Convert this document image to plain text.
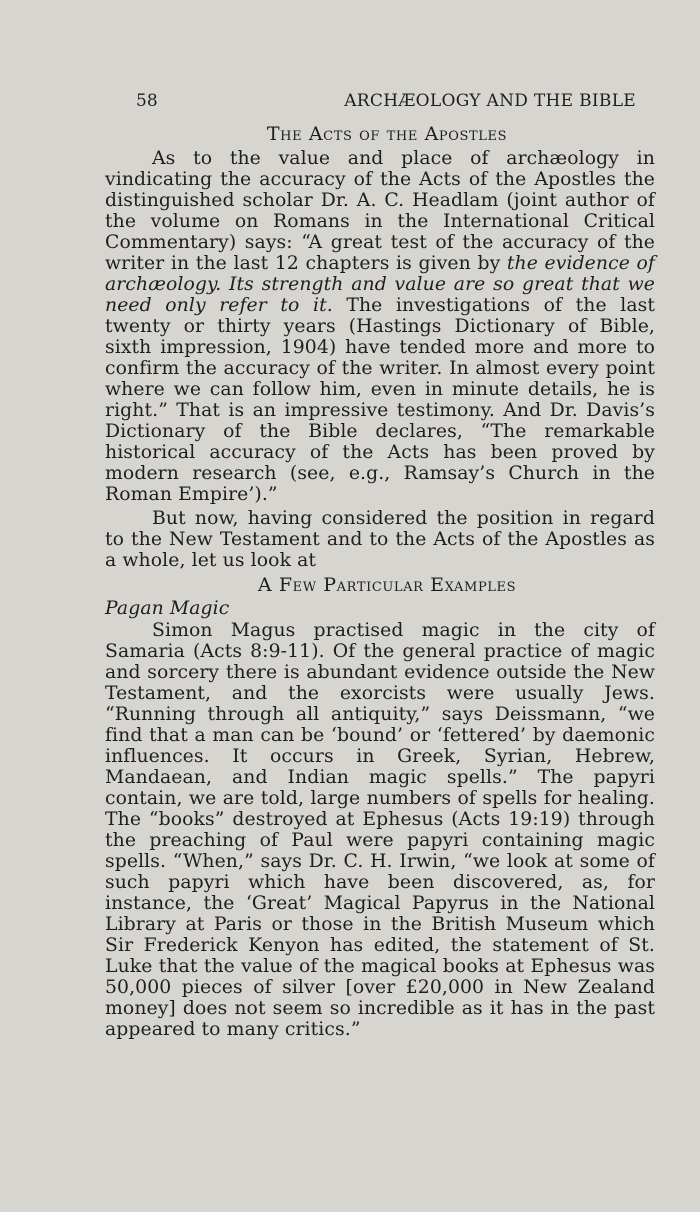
58	ARCHÆOLOGY AND THE BIBLE
The Acts of the Apostles

As to the value and place of archæology in vindicating the accuracy of the Acts of the Apostles the distinguished scholar Dr. A. C. Headlam (joint author of the volume on Romans in the International Critical Commentary) says: “A great test of the accuracy of the writer in the last 12 chapters is given by the evidence of archæology. Its strength and value are so great that we need only refer to it. The investigations of the last twenty or thirty years (Hastings Dictionary of Bible, sixth impression, 1904) have tended more and more to confirm the accuracy of the writer. In almost every point where we can follow him, even in minute details, he is right.” That is an impressive testimony. And Dr. Davis’s Dictionary of the Bible declares, “The remarkable historical accuracy of the Acts has been proved by modern research (see, e.g., Ramsay’s Church in the Roman Empire’).”

But now, having considered the position in regard to the New Testament and to the Acts of the Apostles as a whole, let us look at

A Few Particular Examples
Pagan Magic

Simon Magus practised magic in the city of Samaria (Acts 8:9-11). Of the general practice of magic and sorcery there is abundant evidence outside the New Testament, and the exorcists were usually Jews. “Running through all antiquity,” says Deissmann, “we find that a man can be ‘bound’ or ‘fettered’ by daemonic influences. It occurs in Greek, Syrian, Hebrew, Mandaean, and Indian magic spells.” The papyri contain, we are told, large numbers of spells for healing. The “books” destroyed at Ephesus (Acts 19:19) through the preaching of Paul were papyri containing magic spells. “When,” says Dr. C. H. Irwin, “we look at some of such papyri which have been discovered, as, for instance, the ‘Great’ Magical Papyrus in the National Library at Paris or those in the British Museum which Sir Frederick Kenyon has edited, the statement of St. Luke that the value of the magical books at Ephesus was 50,000 pieces of silver [over £20,000 in New Zealand money] does not seem so incredible as it has in the past appeared to many critics.”
